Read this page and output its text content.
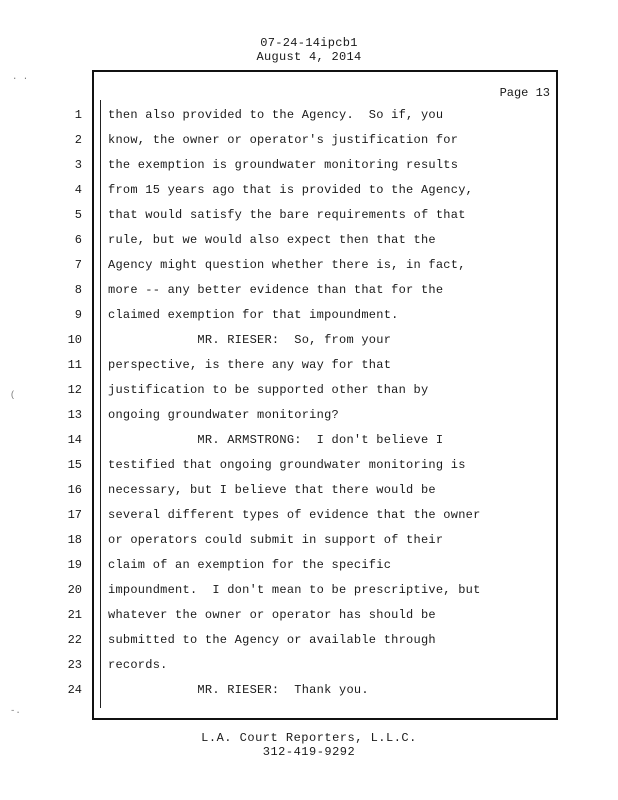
07-24-14ipcb1
August 4, 2014
Page 13
1 then also provided to the Agency.  So if, you
2 know, the owner or operator's justification for
3 the exemption is groundwater monitoring results
4 from 15 years ago that is provided to the Agency,
5 that would satisfy the bare requirements of that
6 rule, but we would also expect then that the
7 Agency might question whether there is, in fact,
8 more -- any better evidence than that for the
9 claimed exemption for that impoundment.
10 MR. RIESER:  So, from your
11 perspective, is there any way for that
12 justification to be supported other than by
13 ongoing groundwater monitoring?
14 MR. ARMSTRONG:  I don't believe I
15 testified that ongoing groundwater monitoring is
16 necessary, but I believe that there would be
17 several different types of evidence that the owner
18 or operators could submit in support of their
19 claim of an exemption for the specific
20 impoundment.  I don't mean to be prescriptive, but
21 whatever the owner or operator has should be
22 submitted to the Agency or available through
23 records.
24 MR. RIESER:  Thank you.
L.A. Court Reporters, L.L.C.
312-419-9292
. .
(
-.
